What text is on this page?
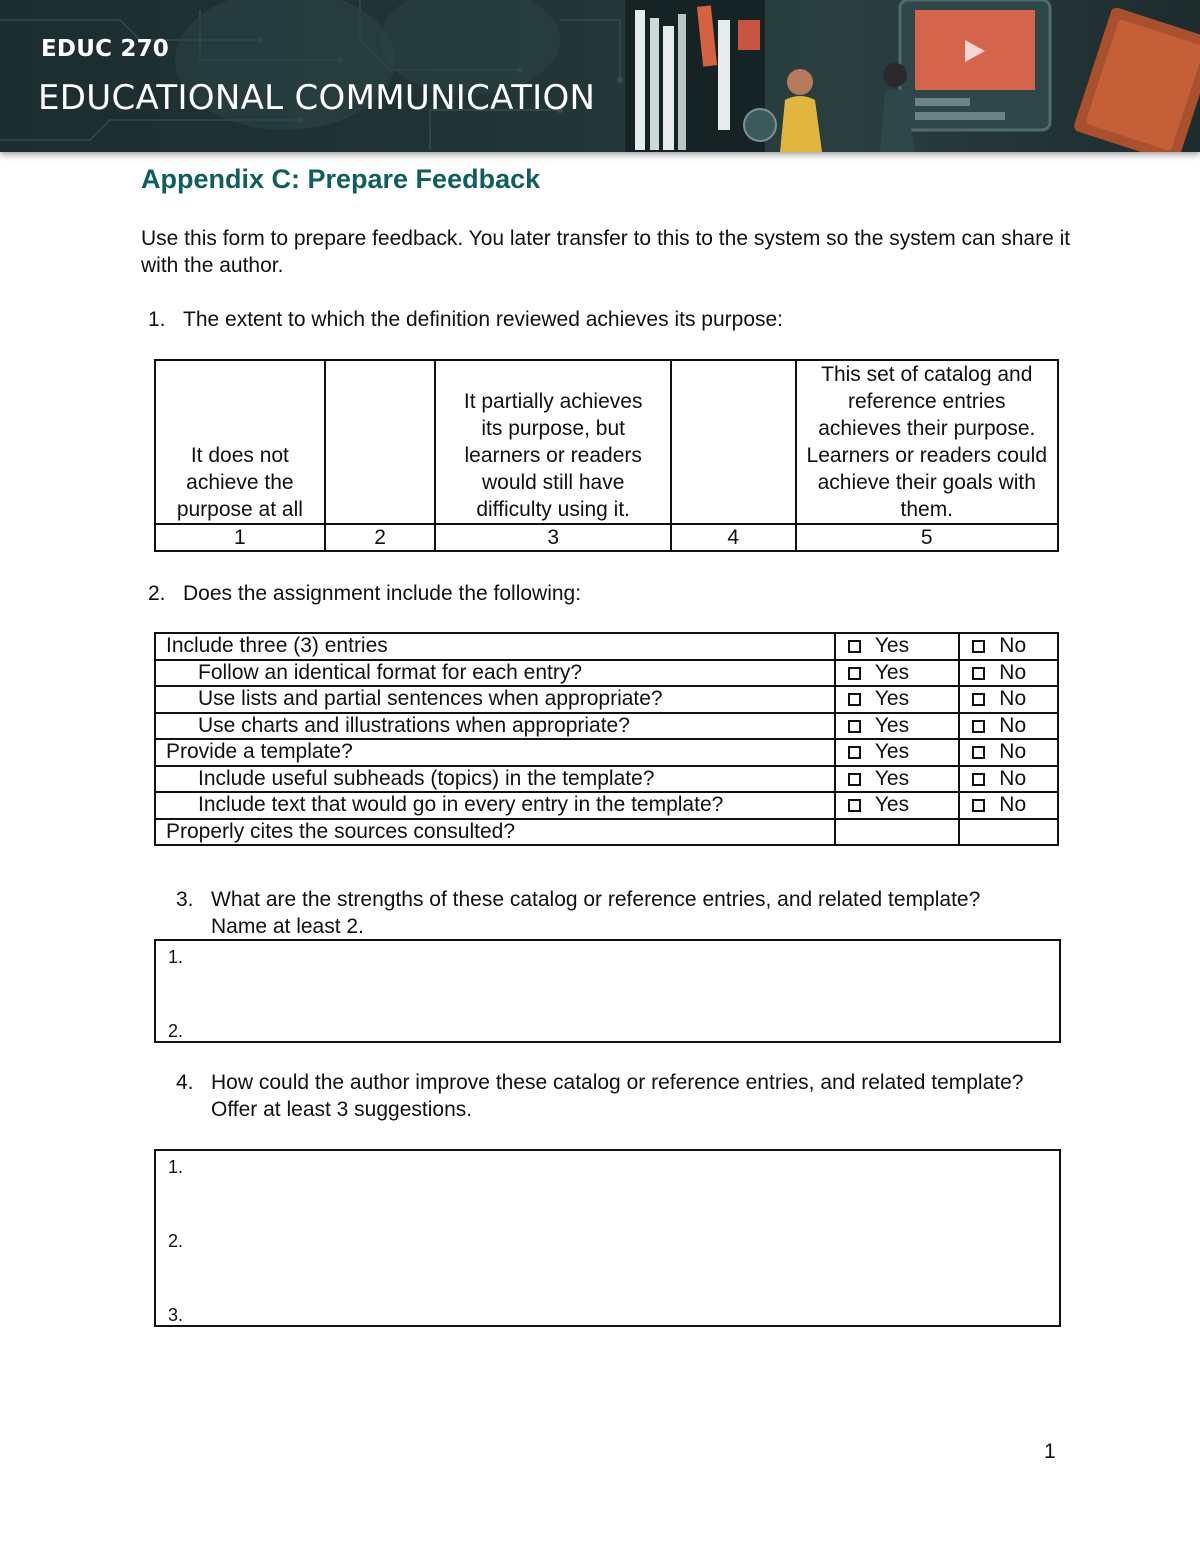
EDUC 270
EDUCATIONAL COMMUNICATION
Appendix C: Prepare Feedback
Use this form to prepare feedback. You later transfer to this to the system so the system can share it with the author.
1. The extent to which the definition reviewed achieves its purpose:
It does not achieve the purpose at all		It partially achieves its purpose, but learners or readers would still have difficulty using it.		This set of catalog and reference entries achieves their purpose. Learners or readers could achieve their goals with them.
1	2	3	4	5
2. Does the assignment include the following:
Include three (3) entries	Yes	No
Follow an identical format for each entry?	Yes	No
Use lists and partial sentences when appropriate?	Yes	No
Use charts and illustrations when appropriate?	Yes	No
Provide a template?	Yes	No
Include useful subheads (topics) in the template?	Yes	No
Include text that would go in every entry in the template?	Yes	No
Properly cites the sources consulted?		
3. What are the strengths of these catalog or reference entries, and related template? Name at least 2.
1.
2.
4. How could the author improve these catalog or reference entries, and related template? Offer at least 3 suggestions.
1.
2.
3.
1
